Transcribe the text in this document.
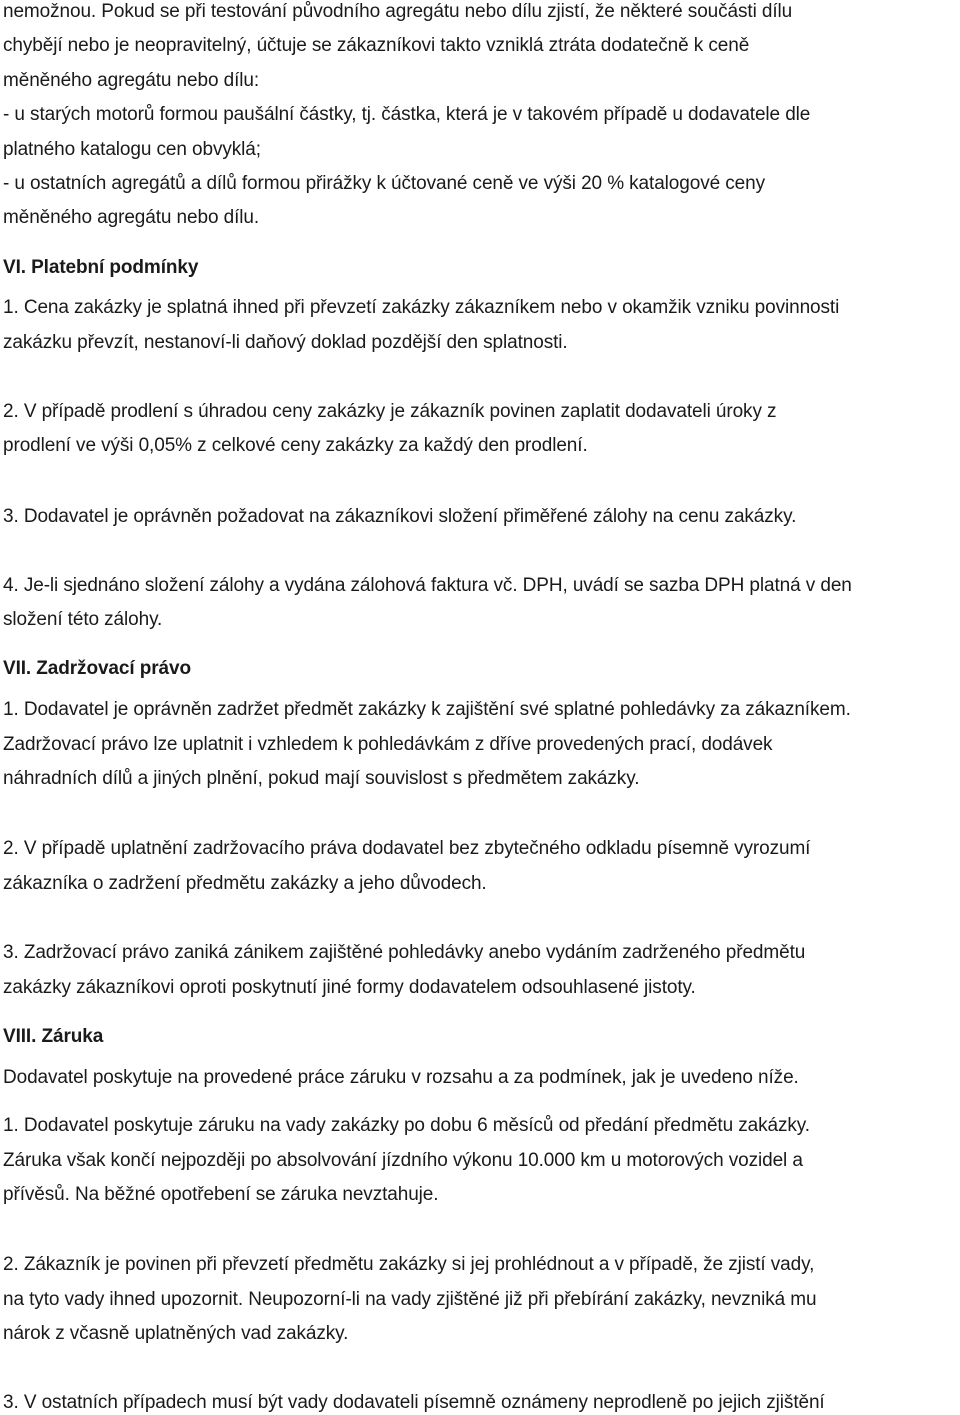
nemožnou. Pokud se při testování původního agregátu nebo dílu zjistí, že některé součásti dílu
chybějí nebo je neopravitelný, účtuje se zákazníkovi takto vzniklá ztráta dodatečně k ceně
měněného agregátu nebo dílu:
- u starých motorů formou paušální částky, tj. částka, která je v takovém případě u dodavatele dle
platného katalogu cen obvyklá;
- u ostatních agregátů a dílů formou přirážky k účtované ceně ve výši 20 % katalogové ceny
měněného agregátu nebo dílu.
VI. Platební podmínky
1. Cena zakázky je splatná ihned při převzetí zakázky zákazníkem nebo v okamžik vzniku povinnosti
zakázku převzít, nestanoví-li daňový doklad pozdější den splatnosti.
2. V případě prodlení s úhradou ceny zakázky je zákazník povinen zaplatit dodavateli úroky z
prodlení ve výši 0,05% z celkové ceny zakázky za každý den prodlení.
3. Dodavatel je oprávněn požadovat na zákazníkovi složení přiměřené zálohy na cenu zakázky.
4. Je-li sjednáno složení zálohy a vydána zálohová faktura vč. DPH, uvádí se sazba DPH platná v den
složení této zálohy.
VII. Zadržovací právo
1. Dodavatel je oprávněn zadržet předmět zakázky k zajištění své splatné pohledávky za zákazníkem.
Zadržovací právo lze uplatnit i vzhledem k pohledávkám z dříve provedených prací, dodávek
náhradních dílů a jiných plnění, pokud mají souvislost s předmětem zakázky.
2. V případě uplatnění zadržovacího práva dodavatel bez zbytečného odkladu písemně vyrozumí
zákazníka o zadržení předmětu zakázky a jeho důvodech.
3. Zadržovací právo zaniká zánikem zajištěné pohledávky anebo vydáním zadrženého předmětu
zakázky zákazníkovi oproti poskytnutí jiné formy dodavatelem odsouhlasené jistoty.
VIII. Záruka
Dodavatel poskytuje na provedené práce záruku v rozsahu a za podmínek, jak je uvedeno níže.
1. Dodavatel poskytuje záruku na vady zakázky po dobu 6 měsíců od předání předmětu zakázky.
Záruka však končí nejpozději po absolvování jízdního výkonu 10.000 km u motorových vozidel a
přívěsů. Na běžné opotřebení se záruka nevztahuje.
2. Zákazník je povinen při převzetí předmětu zakázky si jej prohlédnout a v případě, že zjistí vady,
na tyto vady ihned upozornit. Neupozorní-li na vady zjištěné již při přebírání zakázky, nevzniká mu
nárok z včasně uplatněných vad zakázky.
3. V ostatních případech musí být vady dodavateli písemně oznámeny neprodleně po jejich zjištění
